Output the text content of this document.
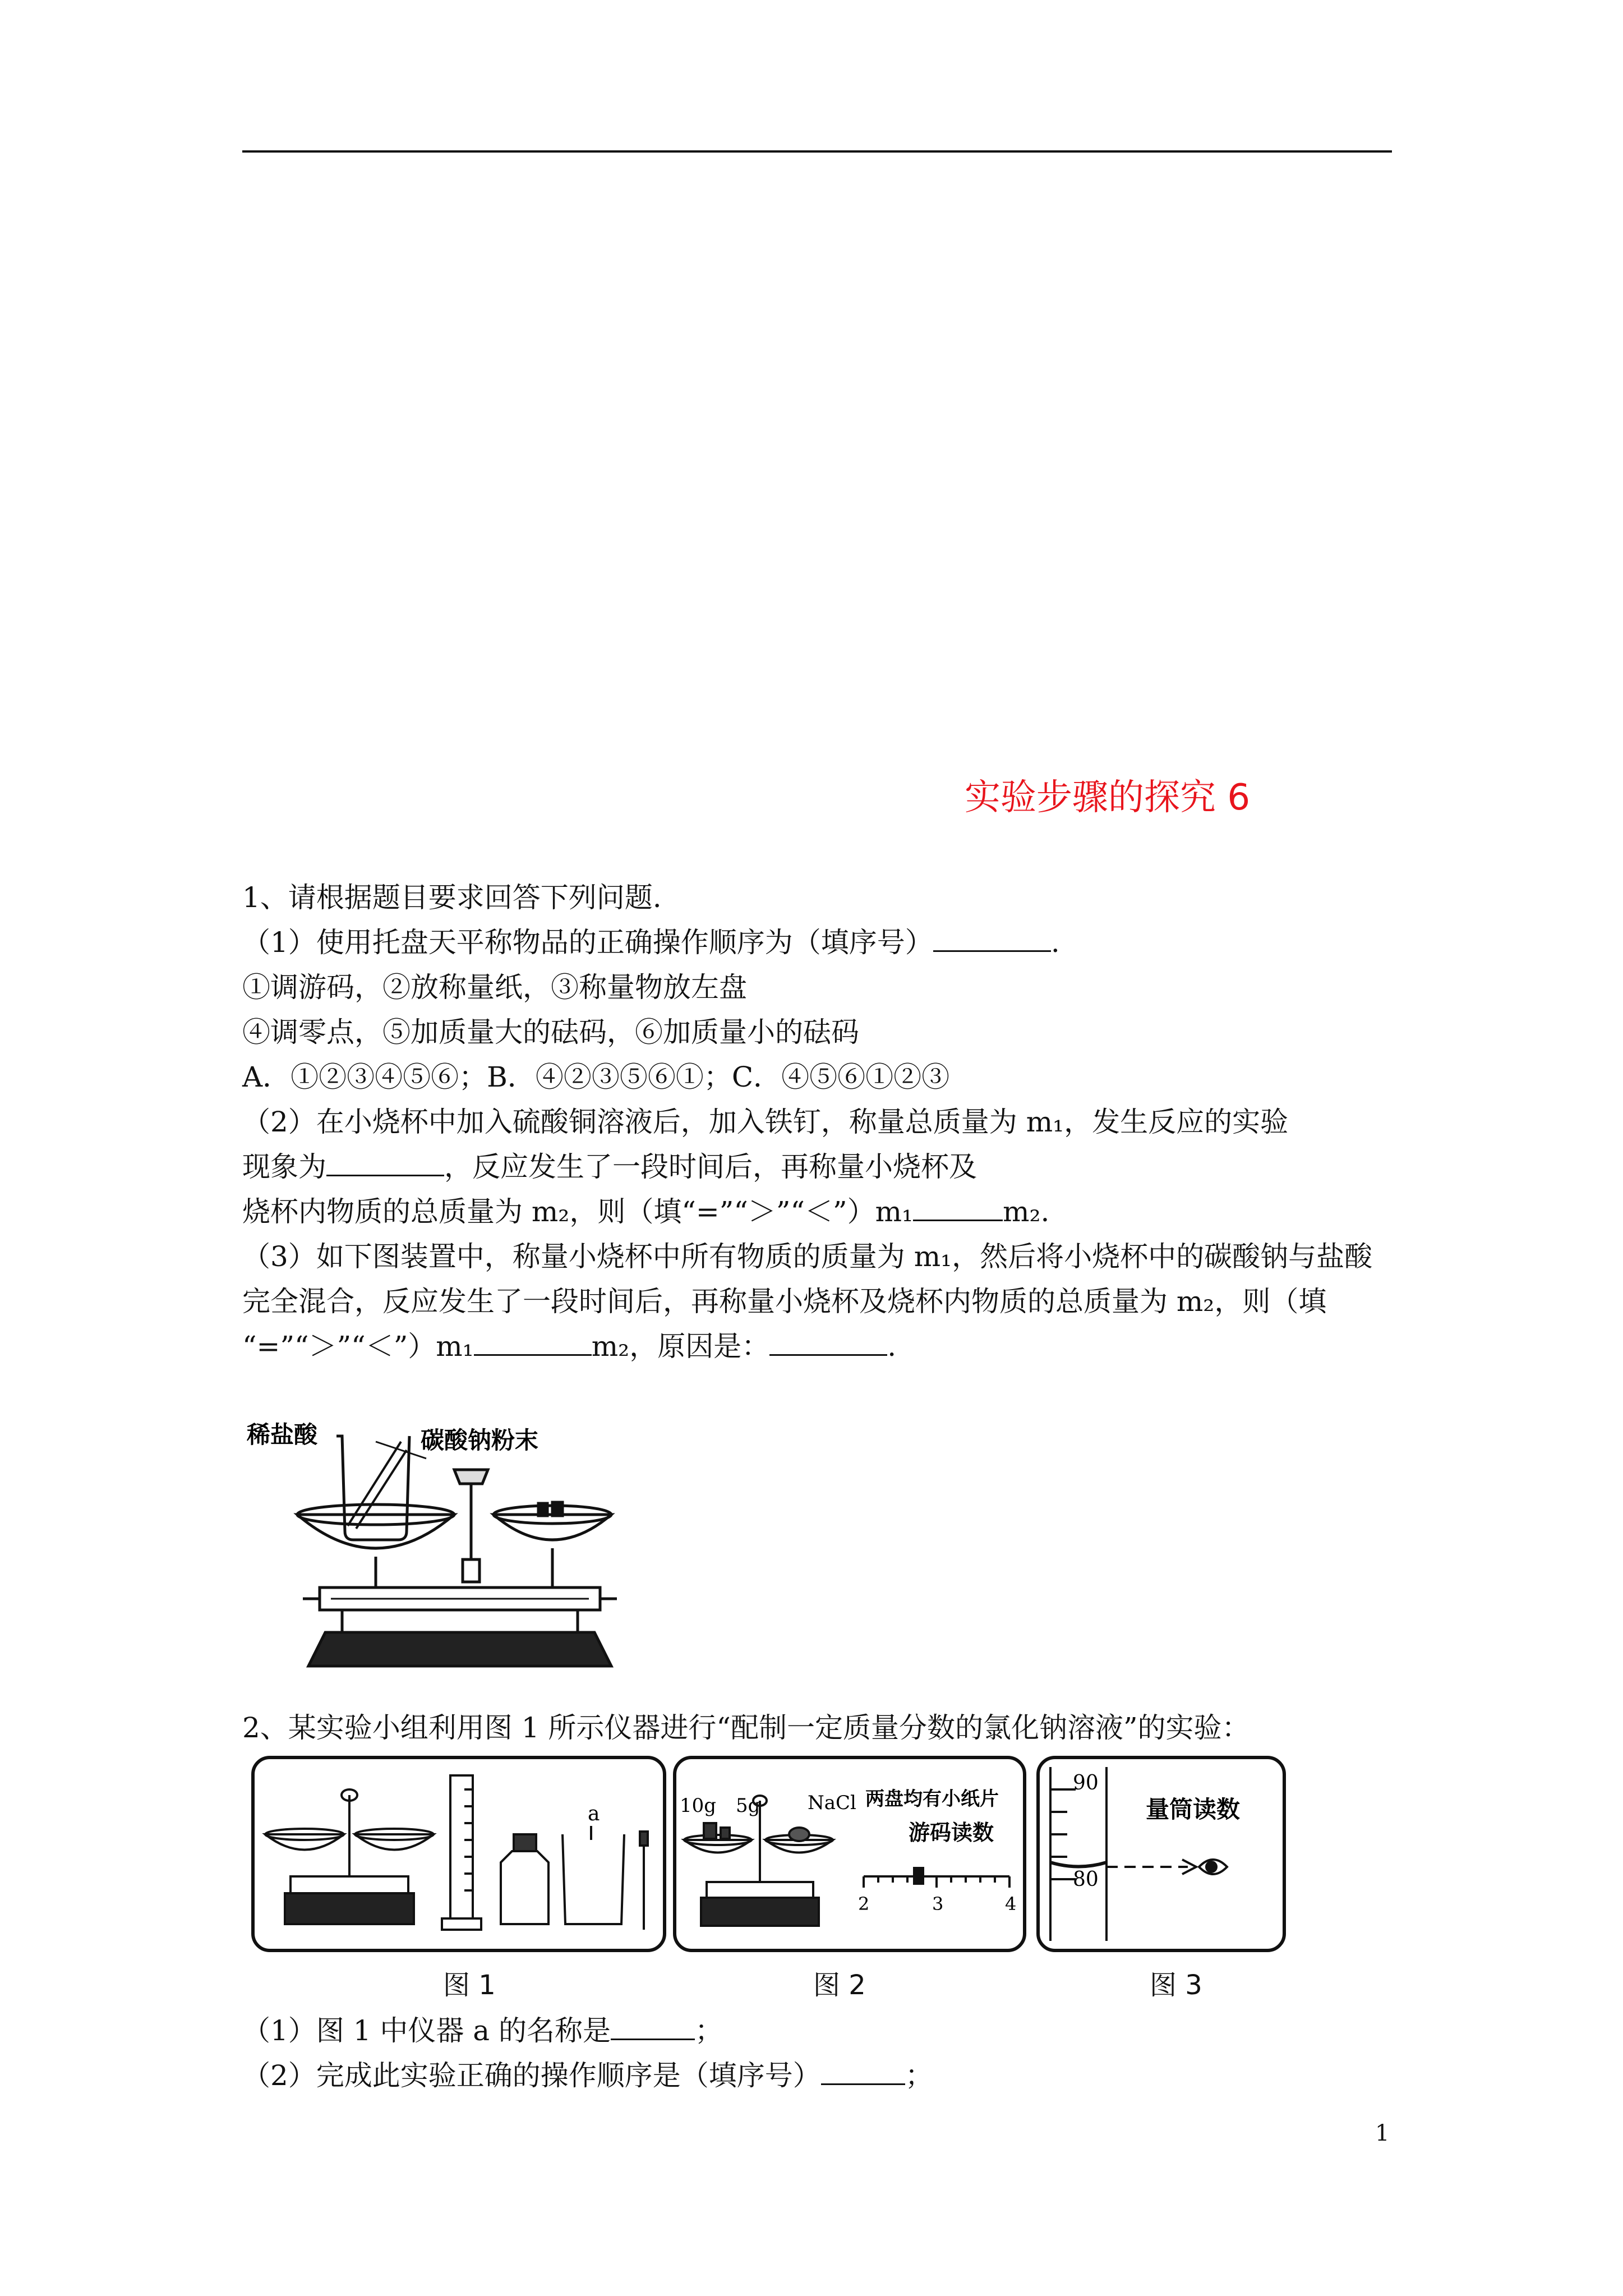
实验步骤的探究 6
1、请根据题目要求回答下列问题.
（1）使用托盘天平称物品的正确操作顺序为（填序号）	.
①调游码，②放称量纸，③称量物放左盘
④调零点，⑤加质量大的砝码，⑥加质量小的砝码
A．①②③④⑤⑥；B．④②③⑤⑥①；C．④⑤⑥①②③
（2）在小烧杯中加入硫酸铜溶液后，加入铁钉，称量总质量为 m₁，发生反应的实验
现象为	，反应发生了一段时间后，再称量小烧杯及
烧杯内物质的总质量为 m₂，则（填“=”“＞”“＜”）m₁	m₂.
（3）如下图装置中，称量小烧杯中所有物质的质量为 m₁，然后将小烧杯中的碳酸钠与盐酸
完全混合，反应发生了一段时间后，再称量小烧杯及烧杯内物质的总质量为 m₂，则（填
“=”“＞”“＜”）m₁	m₂，原因是：	.
稀盐酸	碳酸钠粉末
2、某实验小组利用图 1 所示仪器进行“配制一定质量分数的氯化钠溶液”的实验：
a
图 1
10g 5g NaCl 两盘均有小纸片
游码读数
2	3	4
图 2
90
80
量筒读数
图 3
（1）图 1 中仪器 a 的名称是	；
（2）完成此实验正确的操作顺序是（填序号）	；
1
